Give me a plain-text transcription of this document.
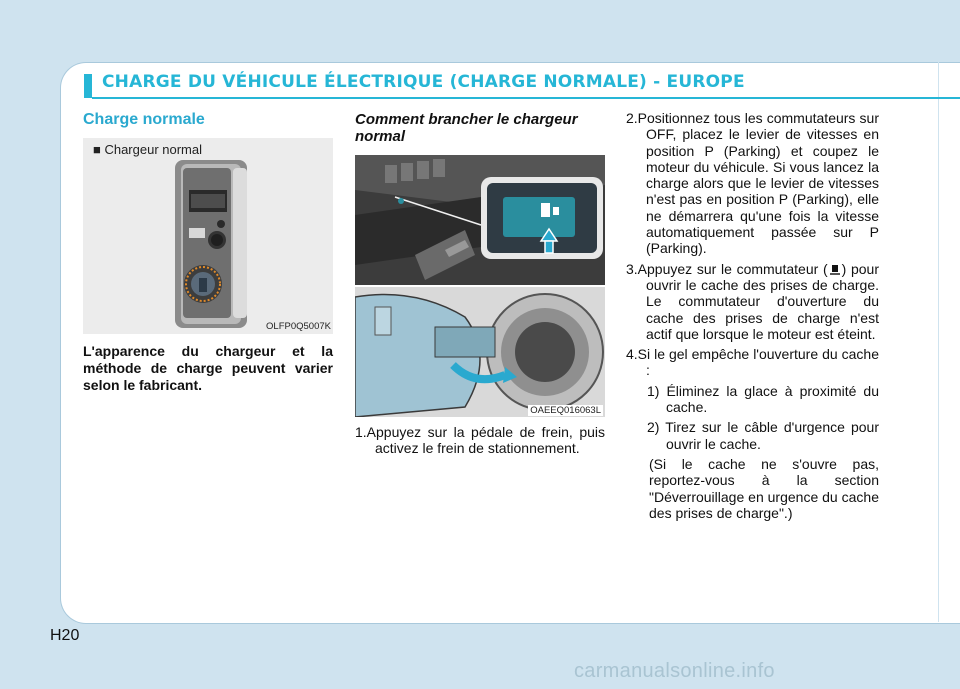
CHARGE DU VÉHICULE ÉLECTRIQUE (CHARGE NORMALE) - EUROPE
Charge normale
■ Chargeur normal
OLFP0Q5007K
L'apparence du chargeur et la méthode de charge peuvent varier selon le fabricant.
Comment brancher le chargeur normal
OAEEQ016063L

1.Appuyez sur la pédale de frein, puis activez le frein de stationnement.

2.Positionnez tous les commutateurs sur OFF, placez le levier de vitesses en position P (Parking) et coupez le moteur du véhicule. Si vous lancez la charge alors que le levier de vitesses n'est pas en position P (Parking), elle ne démarrera qu'une fois la vitesse automatiquement passée sur P (Parking).

3.Appuyez sur le commutateur ( ) pour ouvrir le cache des prises de charge. Le commutateur d'ouverture du cache des prises de charge n'est actif que lorsque le moteur est éteint.

4.Si le gel empêche l'ouverture du cache :

1) Éliminez la glace à proximité du cache.

2) Tirez sur le câble d'urgence pour ouvrir le cache.

(Si le cache ne s'ouvre pas, reportez-vous à la section "Déverrouillage en urgence du cache des prises de charge".)

H20
carmanualsonline.info
